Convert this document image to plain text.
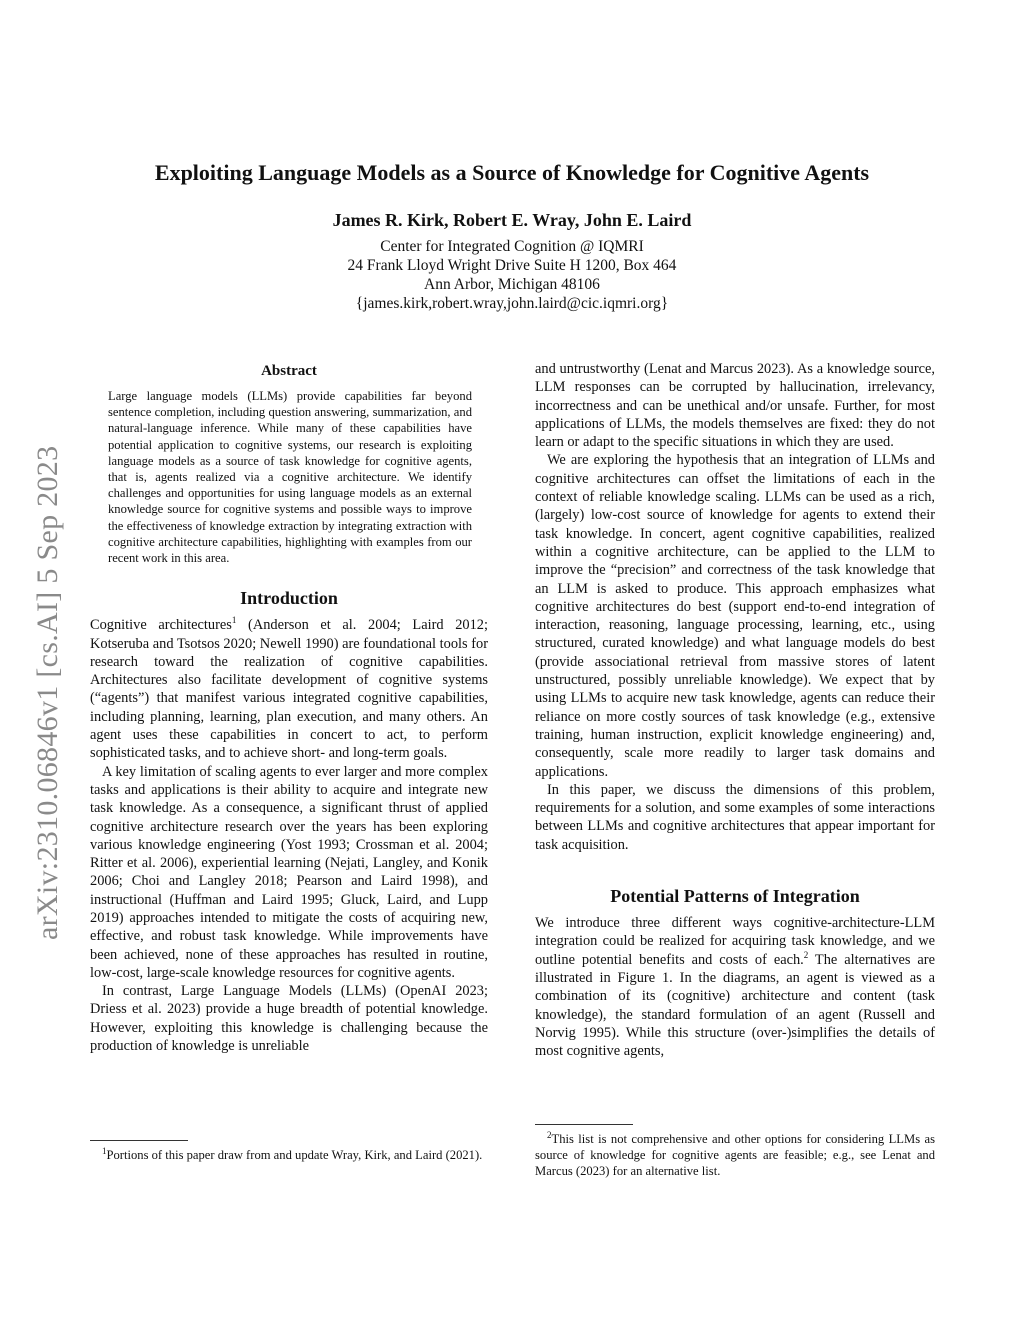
Exploiting Language Models as a Source of Knowledge for Cognitive Agents
James R. Kirk, Robert E. Wray, John E. Laird
Center for Integrated Cognition @ IQMRI
24 Frank Lloyd Wright Drive Suite H 1200, Box 464
Ann Arbor, Michigan 48106
{james.kirk,robert.wray,john.laird@cic.iqmri.org}
arXiv:2310.06846v1 [cs.AI] 5 Sep 2023
Abstract

Large language models (LLMs) provide capabilities far beyond sentence completion, including question answering, summarization, and natural-language inference. While many of these capabilities have potential application to cognitive systems, our research is exploiting language models as a source of task knowledge for cognitive agents, that is, agents realized via a cognitive architecture. We identify challenges and opportunities for using language models as an external knowledge source for cognitive systems and possible ways to improve the effectiveness of knowledge extraction by integrating extraction with cognitive architecture capabilities, highlighting with examples from our recent work in this area.

Introduction

Cognitive architectures$^1$ (Anderson et al. 2004; Laird 2012; Kotseruba and Tsotsos 2020; Newell 1990) are foundational tools for research toward the realization of cognitive capabilities. Architectures also facilitate development of cognitive systems (“agents”) that manifest various integrated cognitive capabilities, including planning, learning, plan execution, and many others. An agent uses these capabilities in concert to act, to perform sophisticated tasks, and to achieve short- and long-term goals.

A key limitation of scaling agents to ever larger and more complex tasks and applications is their ability to acquire and integrate new task knowledge. As a consequence, a significant thrust of applied cognitive architecture research over the years has been exploring various knowledge engineering (Yost 1993; Crossman et al. 2004; Ritter et al. 2006), experiential learning (Nejati, Langley, and Konik 2006; Choi and Langley 2018; Pearson and Laird 1998), and instructional (Huffman and Laird 1995; Gluck, Laird, and Lupp 2019) approaches intended to mitigate the costs of acquiring new, effective, and robust task knowledge. While improvements have been achieved, none of these approaches has resulted in routine, low-cost, large-scale knowledge resources for cognitive agents.

In contrast, Large Language Models (LLMs) (OpenAI 2023; Driess et al. 2023) provide a huge breadth of potential knowledge. However, exploiting this knowledge is challenging because the production of knowledge is unreliable

$^1$Portions of this paper draw from and update Wray, Kirk, and Laird (2021).

and untrustworthy (Lenat and Marcus 2023). As a knowledge source, LLM responses can be corrupted by hallucination, irrelevancy, incorrectness and can be unethical and/or unsafe. Further, for most applications of LLMs, the models themselves are fixed: they do not learn or adapt to the specific situations in which they are used.

We are exploring the hypothesis that an integration of LLMs and cognitive architectures can offset the limitations of each in the context of reliable knowledge scaling. LLMs can be used as a rich, (largely) low-cost source of knowledge for agents to extend their task knowledge. In concert, agent cognitive capabilities, realized within a cognitive architecture, can be applied to the LLM to improve the “precision” and correctness of the task knowledge that an LLM is asked to produce. This approach emphasizes what cognitive architectures do best (support end-to-end integration of interaction, reasoning, language processing, learning, etc., using structured, curated knowledge) and what language models do best (provide associational retrieval from massive stores of latent unstructured, possibly unreliable knowledge). We expect that by using LLMs to acquire new task knowledge, agents can reduce their reliance on more costly sources of task knowledge (e.g., extensive training, human instruction, explicit knowledge engineering) and, consequently, scale more readily to larger task domains and applications.

In this paper, we discuss the dimensions of this problem, requirements for a solution, and some examples of some interactions between LLMs and cognitive architectures that appear important for task acquisition.

Potential Patterns of Integration

We introduce three different ways cognitive-architecture-LLM integration could be realized for acquiring task knowledge, and we outline potential benefits and costs of each.$^2$ The alternatives are illustrated in Figure 1. In the diagrams, an agent is viewed as a combination of its (cognitive) architecture and content (task knowledge), the standard formulation of an agent (Russell and Norvig 1995). While this structure (over-)simplifies the details of most cognitive agents,

$^2$This list is not comprehensive and other options for considering LLMs as source of knowledge for cognitive agents are feasible; e.g., see Lenat and Marcus (2023) for an alternative list.
